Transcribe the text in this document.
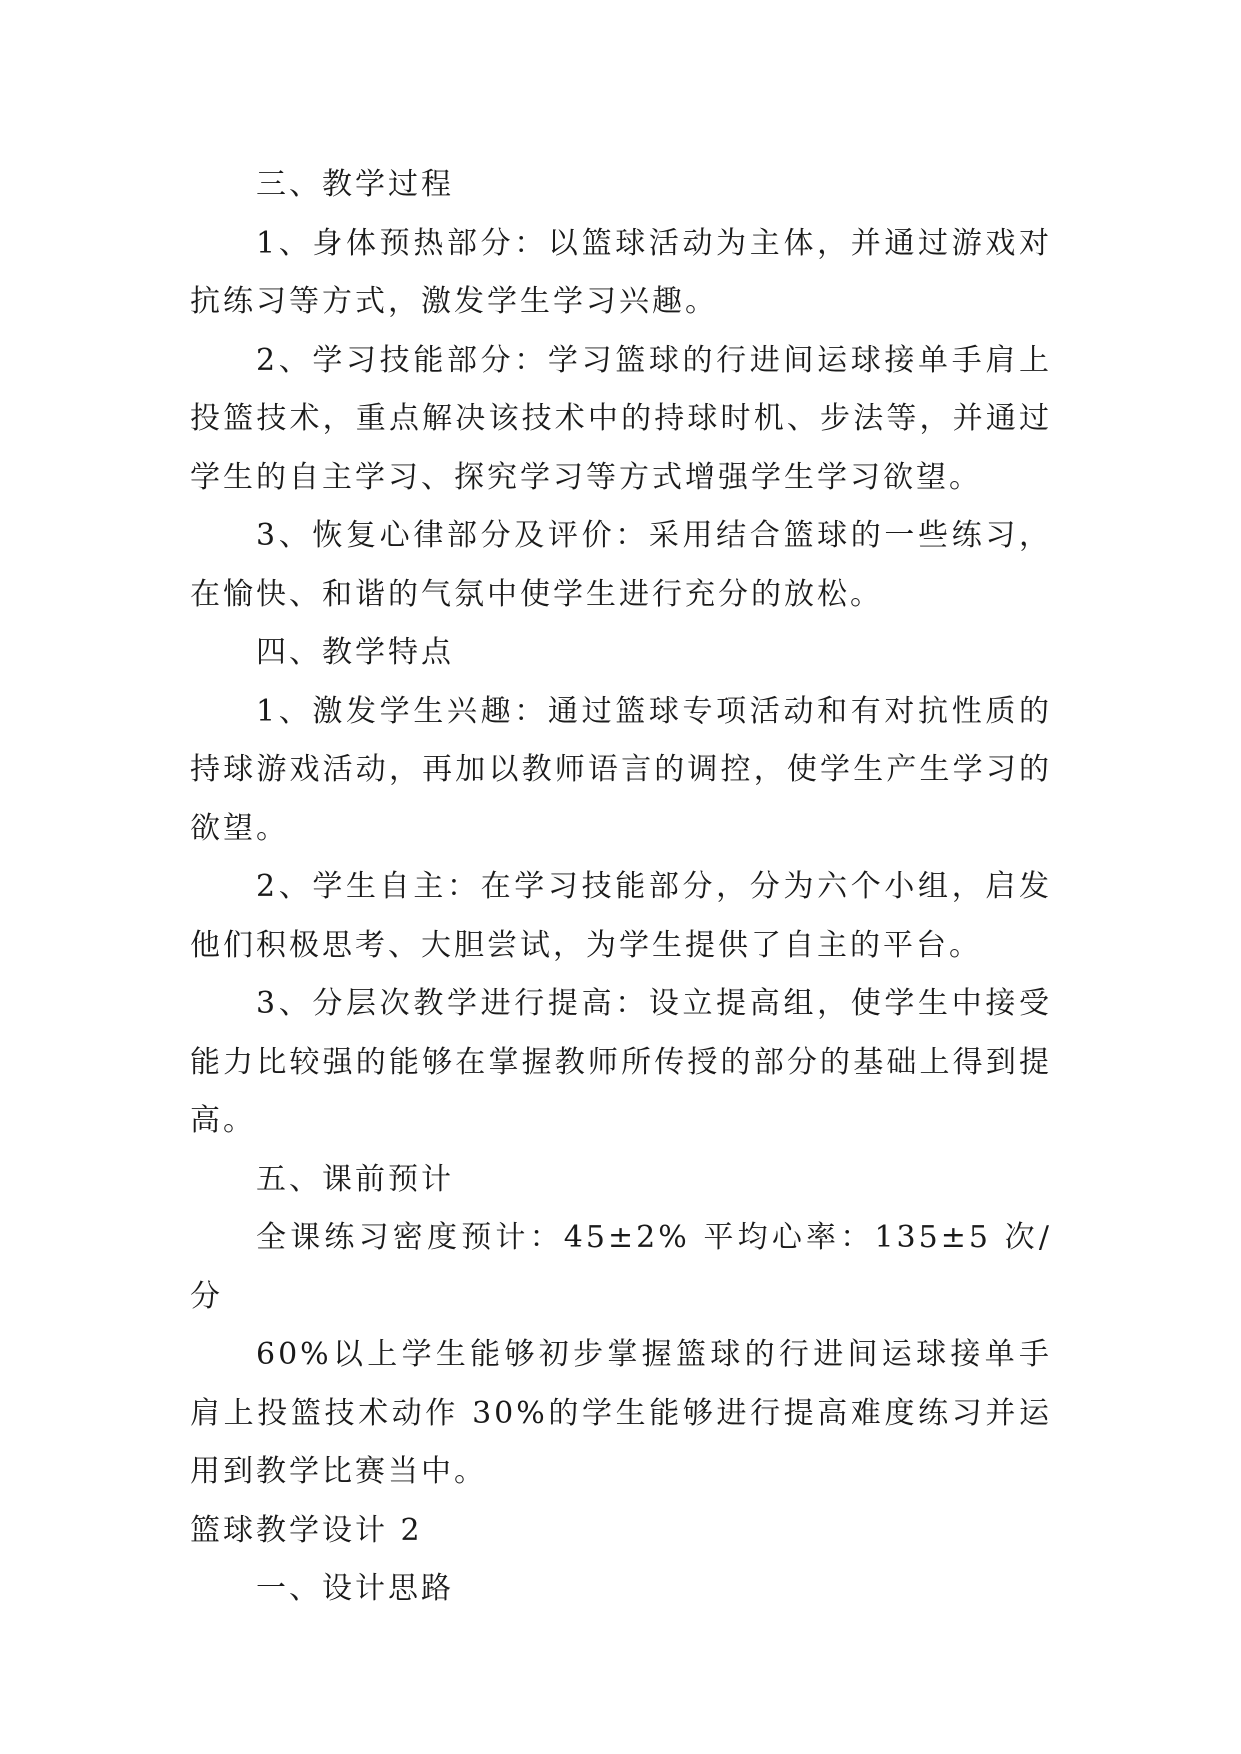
三、教学过程

1、身体预热部分：以篮球活动为主体，并通过游戏对抗练习等方式，激发学生学习兴趣。

2、学习技能部分：学习篮球的行进间运球接单手肩上投篮技术，重点解决该技术中的持球时机、步法等，并通过学生的自主学习、探究学习等方式增强学生学习欲望。

3、恢复心律部分及评价：采用结合篮球的一些练习，在愉快、和谐的气氛中使学生进行充分的放松。

四、教学特点

1、激发学生兴趣：通过篮球专项活动和有对抗性质的持球游戏活动，再加以教师语言的调控，使学生产生学习的欲望。

2、学生自主：在学习技能部分，分为六个小组，启发他们积极思考、大胆尝试，为学生提供了自主的平台。

3、分层次教学进行提高：设立提高组，使学生中接受能力比较强的能够在掌握教师所传授的部分的基础上得到提高。

五、课前预计

全课练习密度预计：45±2% 平均心率：135±5 次/分

60%以上学生能够初步掌握篮球的行进间运球接单手肩上投篮技术动作 30%的学生能够进行提高难度练习并运用到教学比赛当中。

篮球教学设计 2

一、设计思路
